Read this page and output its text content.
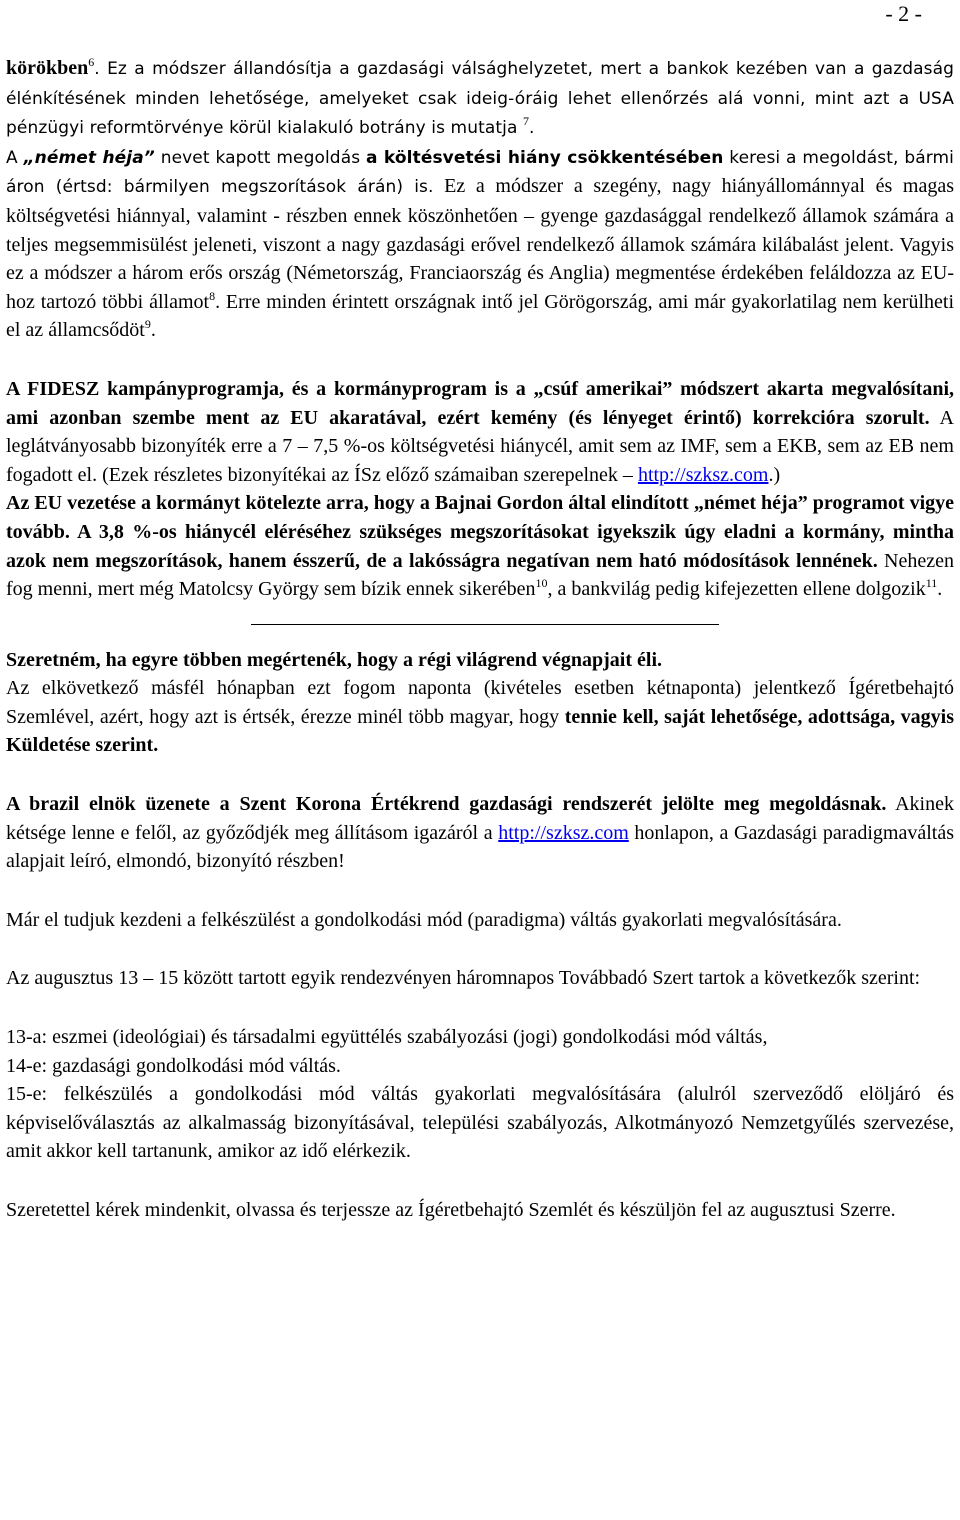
- 2 -

körökben$^6$. Ez a módszer állandósítja a gazdasági válsághelyzetet, mert a bankok kezében van a gazdaság élénkítésének minden lehetősége, amelyeket csak ideig-óráig lehet ellenőrzés alá vonni, mint azt a USA pénzügyi reformtörvénye körül kialakuló botrány is mutatja $^7$.
A „német héja” nevet kapott megoldás a költésvetési hiány csökkentésében keresi a megoldást, bármi áron (értsd: bármilyen megszorítások árán) is. Ez a módszer a szegény, nagy hiányállománnyal és magas költségvetési hiánnyal, valamint - részben ennek köszönhetően – gyenge gazdasággal rendelkező államok számára a teljes megsemmisülést jeleneti, viszont a nagy gazdasági erővel rendelkező államok számára kilábalást jelent. Vagyis ez a módszer a három erős ország (Németország, Franciaország és Anglia) megmentése érdekében feláldozza az EU-hoz tartozó többi államot$^8$. Erre minden érintett országnak intő jel Görögország, ami már gyakorlatilag nem kerülheti el az államcsődöt$^9$.

A FIDESZ kampányprogramja, és a kormányprogram is a „csúf amerikai” módszert akarta megvalósítani, ami azonban szembe ment az EU akaratával, ezért kemény (és lényeget érintő) korrekcióra szorult. A leglátványosabb bizonyíték erre a 7 – 7,5 %-os költségvetési hiánycél, amit sem az IMF, sem a EKB, sem az EB nem fogadott el. (Ezek részletes bizonyítékai az ÍSz előző számaiban szerepelnek – http://szksz.com.)
Az EU vezetése a kormányt kötelezte arra, hogy a Bajnai Gordon által elindított „német héja” programot vigye tovább. A 3,8 %-os hiánycél eléréséhez szükséges megszorításokat igyekszik úgy eladni a kormány, mintha azok nem megszorítások, hanem ésszerű, de a lakósságra negatívan nem ható módosítások lennének. Nehezen fog menni, mert még Matolcsy György sem bízik ennek sikerében$^{10}$, a bankvilág pedig kifejezetten ellene dolgozik$^{11}$.

Szeretném, ha egyre többen megértenék, hogy a régi világrend végnapjait éli.
Az elkövetkező másfél hónapban ezt fogom naponta (kivételes esetben kétnaponta) jelentkező Ígéretbehajtó Szemlével, azért, hogy azt is értsék, érezze minél több magyar, hogy tennie kell, saját lehetősége, adottsága, vagyis Küldetése szerint.

A brazil elnök üzenete a Szent Korona Értékrend gazdasági rendszerét jelölte meg megoldásnak. Akinek kétsége lenne e felől, az győződjék meg állításom igazáról a http://szksz.com honlapon, a Gazdasági paradigmaváltás alapjait leíró, elmondó, bizonyító részben!

Már el tudjuk kezdeni a felkészülést a gondolkodási mód (paradigma) váltás gyakorlati megvalósítására.

Az augusztus 13 – 15 között tartott egyik rendezvényen háromnapos Továbbadó Szert tartok a következők szerint:

13-a: eszmei (ideológiai) és társadalmi együttélés szabályozási (jogi) gondolkodási mód váltás,
14-e: gazdasági gondolkodási mód váltás.
15-e: felkészülés a gondolkodási mód váltás gyakorlati megvalósítására (alulról szerveződő elöljáró és képviselőválasztás az alkalmasság bizonyításával, települési szabályozás, Alkotmányozó Nemzetgyűlés szervezése, amit akkor kell tartanunk, amikor az idő elérkezik.

Szeretettel kérek mindenkit, olvassa és terjessze az Ígéretbehajtó Szemlét és készüljön fel az augusztusi Szerre.
